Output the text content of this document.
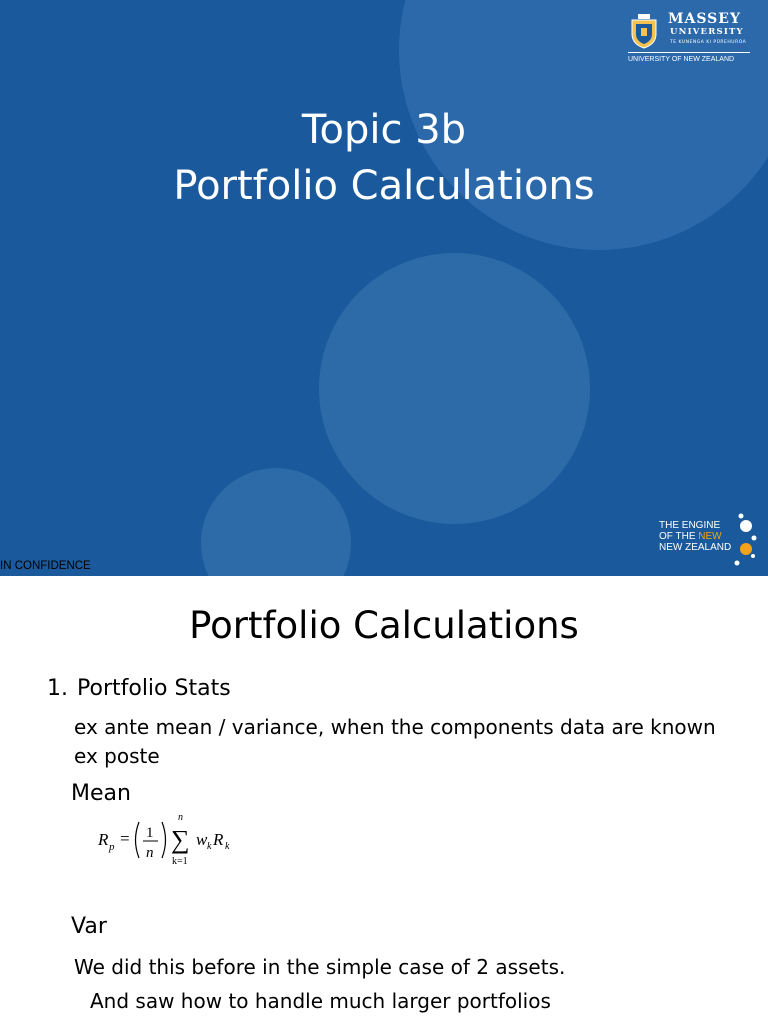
MASSEY
UNIVERSITY
TE KUNENGA KI PŪREHUROA
UNIVERSITY OF NEW ZEALAND
Topic 3b
Portfolio Calculations
THE ENGINE
OF THE NEW
NEW ZEALAND
IN CONFIDENCE
Portfolio Calculations
1. Portfolio Stats
ex ante mean / variance, when the components data are known
ex poste
Mean
R p = 1
n
n
∑
k=1
w k R k
Var
We did this before in the simple case of 2 assets.
And saw how to handle much larger portfolios
